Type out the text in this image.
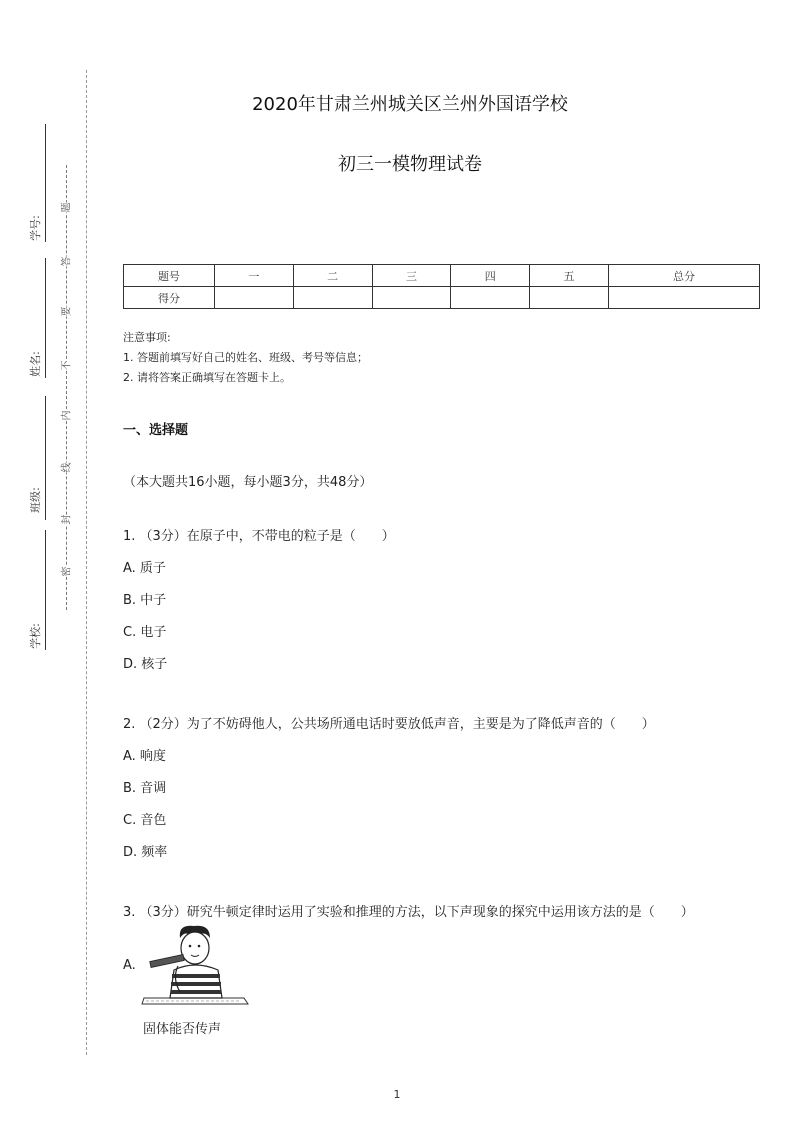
学号:
姓名:
班级:
学校:
题
答
要
不
内
线
封
密
2020年甘肃兰州城关区兰州外国语学校
初三一模物理试卷
题号	一	二	三	四	五	总分
得分						
注意事项:
1. 答题前填写好自己的姓名、班级、考号等信息；
2. 请将答案正确填写在答题卡上。
一、选择题
（本大题共16小题，每小题3分，共48分）
1. （3分）在原子中，不带电的粒子是（　　）
A. 质子
B. 中子
C. 电子
D. 核子
2. （2分）为了不妨碍他人，公共场所通电话时要放低声音，主要是为了降低声音的（　　）
A. 响度
B. 音调
C. 音色
D. 频率
3. （3分）研究牛顿定律时运用了实验和推理的方法，以下声现象的探究中运用该方法的是（　　）
A.
固体能否传声
1
